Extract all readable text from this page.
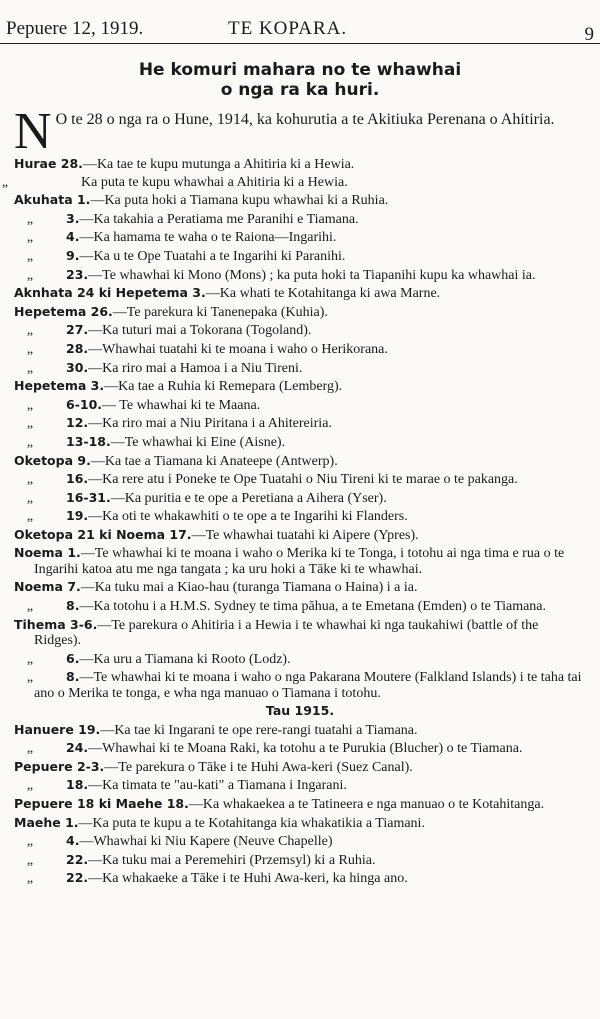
Pepuere 12, 1919.	TE KOPARA.	9
He komuri mahara no te whawhai
o nga ra ka huri.
N O te 28 o nga ra o Hune, 1914, ka kohurutia a te Akitiuka Perenana o Ahitiria.
Hurae 28.—Ka tae te kupu mutunga a Ahitiria ki a Hewia.
„	Ka puta te kupu whawhai a Ahitiria ki a Hewia.
Akuhata 1.—Ka puta hoki a Tiamana kupu whawhai ki a Ruhia.
„	3.—Ka takahia a Peratiama me Paranihi e Tiamana.
„	4.—Ka hamama te waha o te Raiona—Ingarihi.
„	9.—Ka u te Ope Tuatahi a te Ingarihi ki Paranihi.
„	23.—Te whawhai ki Mono (Mons) ; ka puta hoki ta Tiapanihi kupu ka whawhai ia.
Aknhata 24 ki Hepetema 3.—Ka whati te Kotahitanga ki awa Marne.
Hepetema 26.—Te parekura ki Tanenepaka (Kuhia).
„	27.—Ka tuturi mai a Tokorana (Togoland).
„	28.—Whawhai tuatahi ki te moana i waho o Herikorana.
„	30.—Ka riro mai a Hamoa i a Niu Tireni.
Hepetema 3.—Ka tae a Ruhia ki Remepara (Lemberg).
„	6-10.— Te whawhai ki te Maana.
„	12.—Ka riro mai a Niu Piritana i a Ahitereiria.
„	13-18.—Te whawhai ki Eine (Aisne).
Oketopa 9.—Ka tae a Tiamana ki Anateepe (Antwerp).
„	16.—Ka rere atu i Poneke te Ope Tuatahi o Niu Tireni ki te marae o te pakanga.
„	16-31.—Ka puritia e te ope a Peretiana a Aihera (Yser).
„	19.—Ka oti te whakawhiti o te ope a te Ingarihi ki Flanders.
Oketopa 21 ki Noema 17.—Te whawhai tuatahi ki Aipere (Ypres).
Noema 1.—Te whawhai ki te moana i waho o Merika ki te Tonga, i totohu ai nga tima e rua o te Ingarihi katoa atu me nga tangata ; ka uru hoki a Tāke ki te whawhai.
Noema 7.—Ka tuku mai a Kiao-hau (turanga Tiamana o Haina) i a ia.
„	8.—Ka totohu i a H.M.S. Sydney te tima pāhua, a te Emetana (Emden) o te Tiamana.
Tihema 3-6.—Te parekura o Ahitiria i a Hewia i te whawhai ki nga taukahiwi (battle of the Ridges).
„	6.—Ka uru a Tiamana ki Rooto (Lodz).
„	8.—Te whawhai ki te moana i waho o nga Pakarana Moutere (Falkland Islands) i te taha tai ano o Merika te tonga, e wha nga manuao o Tiamana i totohu.
Tau 1915.
Hanuere 19.—Ka tae ki Ingarani te ope rere-rangi tuatahi a Tiamana.
„	24.—Whawhai ki te Moana Raki, ka totohu a te Purukia (Blucher) o te Tiamana.
Pepuere 2-3.—Te parekura o Tāke i te Huhi Awa-keri (Suez Canal).
„	18.—Ka timata te "au-kati" a Tiamana i Ingarani.
Pepuere 18 ki Maehe 18.—Ka whakaekea a te Tatineera e nga manuao o te Kotahitanga.
Maehe 1.—Ka puta te kupu a te Kotahitanga kia whakatikia a Tiamani.
„	4.—Whawhai ki Niu Kapere (Neuve Chapelle)
„	22.—Ka tuku mai a Peremehiri (Przemsyl) ki a Ruhia.
„	22.—Ka whakaeke a Tāke i te Huhi Awa-keri, ka hinga ano.
